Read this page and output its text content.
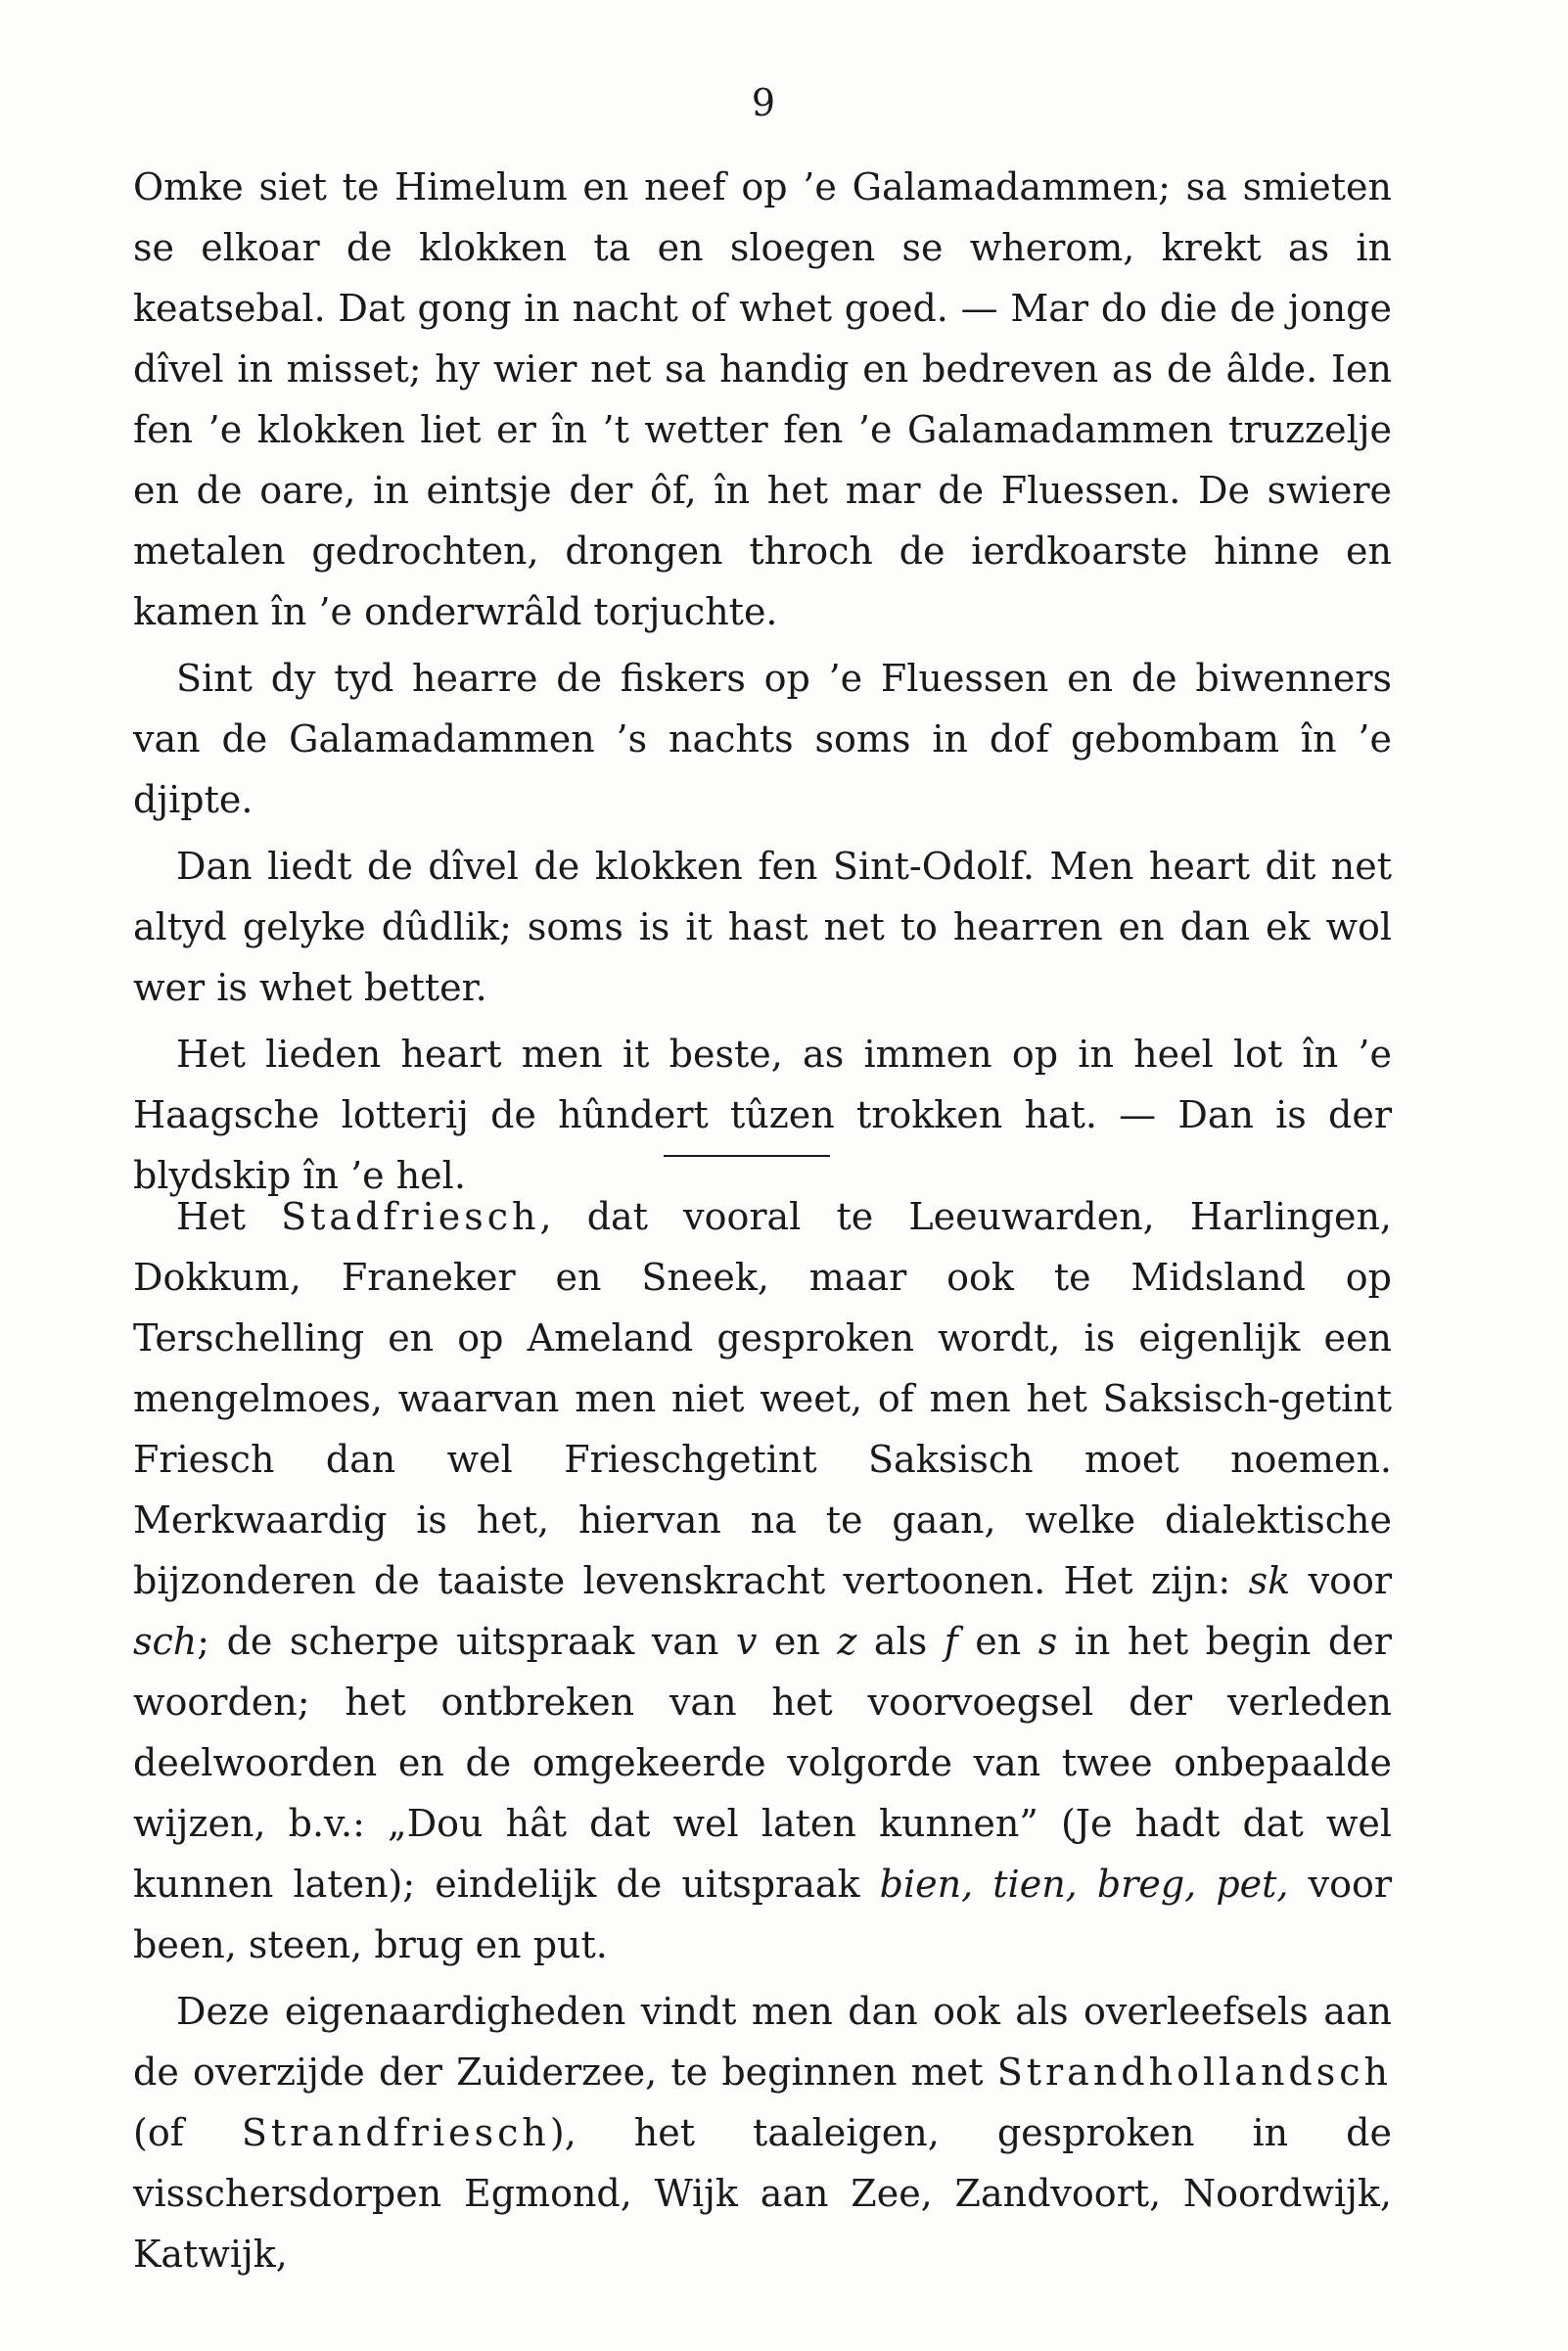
9

Omke siet te Himelum en neef op ’e Galamadammen; sa smieten se elkoar de klokken ta en sloegen se wherom, krekt as in keatsebal. Dat gong in nacht of whet goed. — Mar do die de jonge dîvel in misset; hy wier net sa handig en bedreven as de âlde. Ien fen ’e klokken liet er în ’t wetter fen ’e Galamadammen truzzelje en de oare, in eintsje der ôf, în het mar de Fluessen. De swiere metalen gedrochten, drongen throch de ierdkoarste hinne en kamen în ’e onderwrâld torjuchte.

Sint dy tyd hearre de fiskers op ’e Fluessen en de biwenners van de Galamadammen ’s nachts soms in dof gebombam în ’e djipte.

Dan liedt de dîvel de klokken fen Sint-Odolf. Men heart dit net altyd gelyke dûdlik; soms is it hast net to hearren en dan ek wol wer is whet better.

Het lieden heart men it beste, as immen op in heel lot în ’e Haagsche lotterij de hûndert tûzen trokken hat. — Dan is der blydskip în ’e hel.

Het Stadfriesch, dat vooral te Leeuwarden, Harlingen, Dokkum, Franeker en Sneek, maar ook te Midsland op Terschelling en op Ameland gesproken wordt, is eigenlijk een mengelmoes, waarvan men niet weet, of men het Saksisch-getint Friesch dan wel Frieschgetint Saksisch moet noemen. Merkwaardig is het, hiervan na te gaan, welke dialektische bijzonderen de taaiste levenskracht vertoonen. Het zijn: sk voor sch; de scherpe uitspraak van v en z als f en s in het begin der woorden; het ontbreken van het voorvoegsel der verleden deelwoorden en de omgekeerde volgorde van twee onbepaalde wijzen, b.v.: „Dou hât dat wel laten kunnen” (Je hadt dat wel kunnen laten); eindelijk de uitspraak bien, tien, breg, pet, voor been, steen, brug en put.

Deze eigenaardigheden vindt men dan ook als overleefsels aan de overzijde der Zuiderzee, te beginnen met Strandhollandsch (of Strandfriesch), het taaleigen, gesproken in de visschersdorpen Egmond, Wijk aan Zee, Zandvoort, Noordwijk, Katwijk,
